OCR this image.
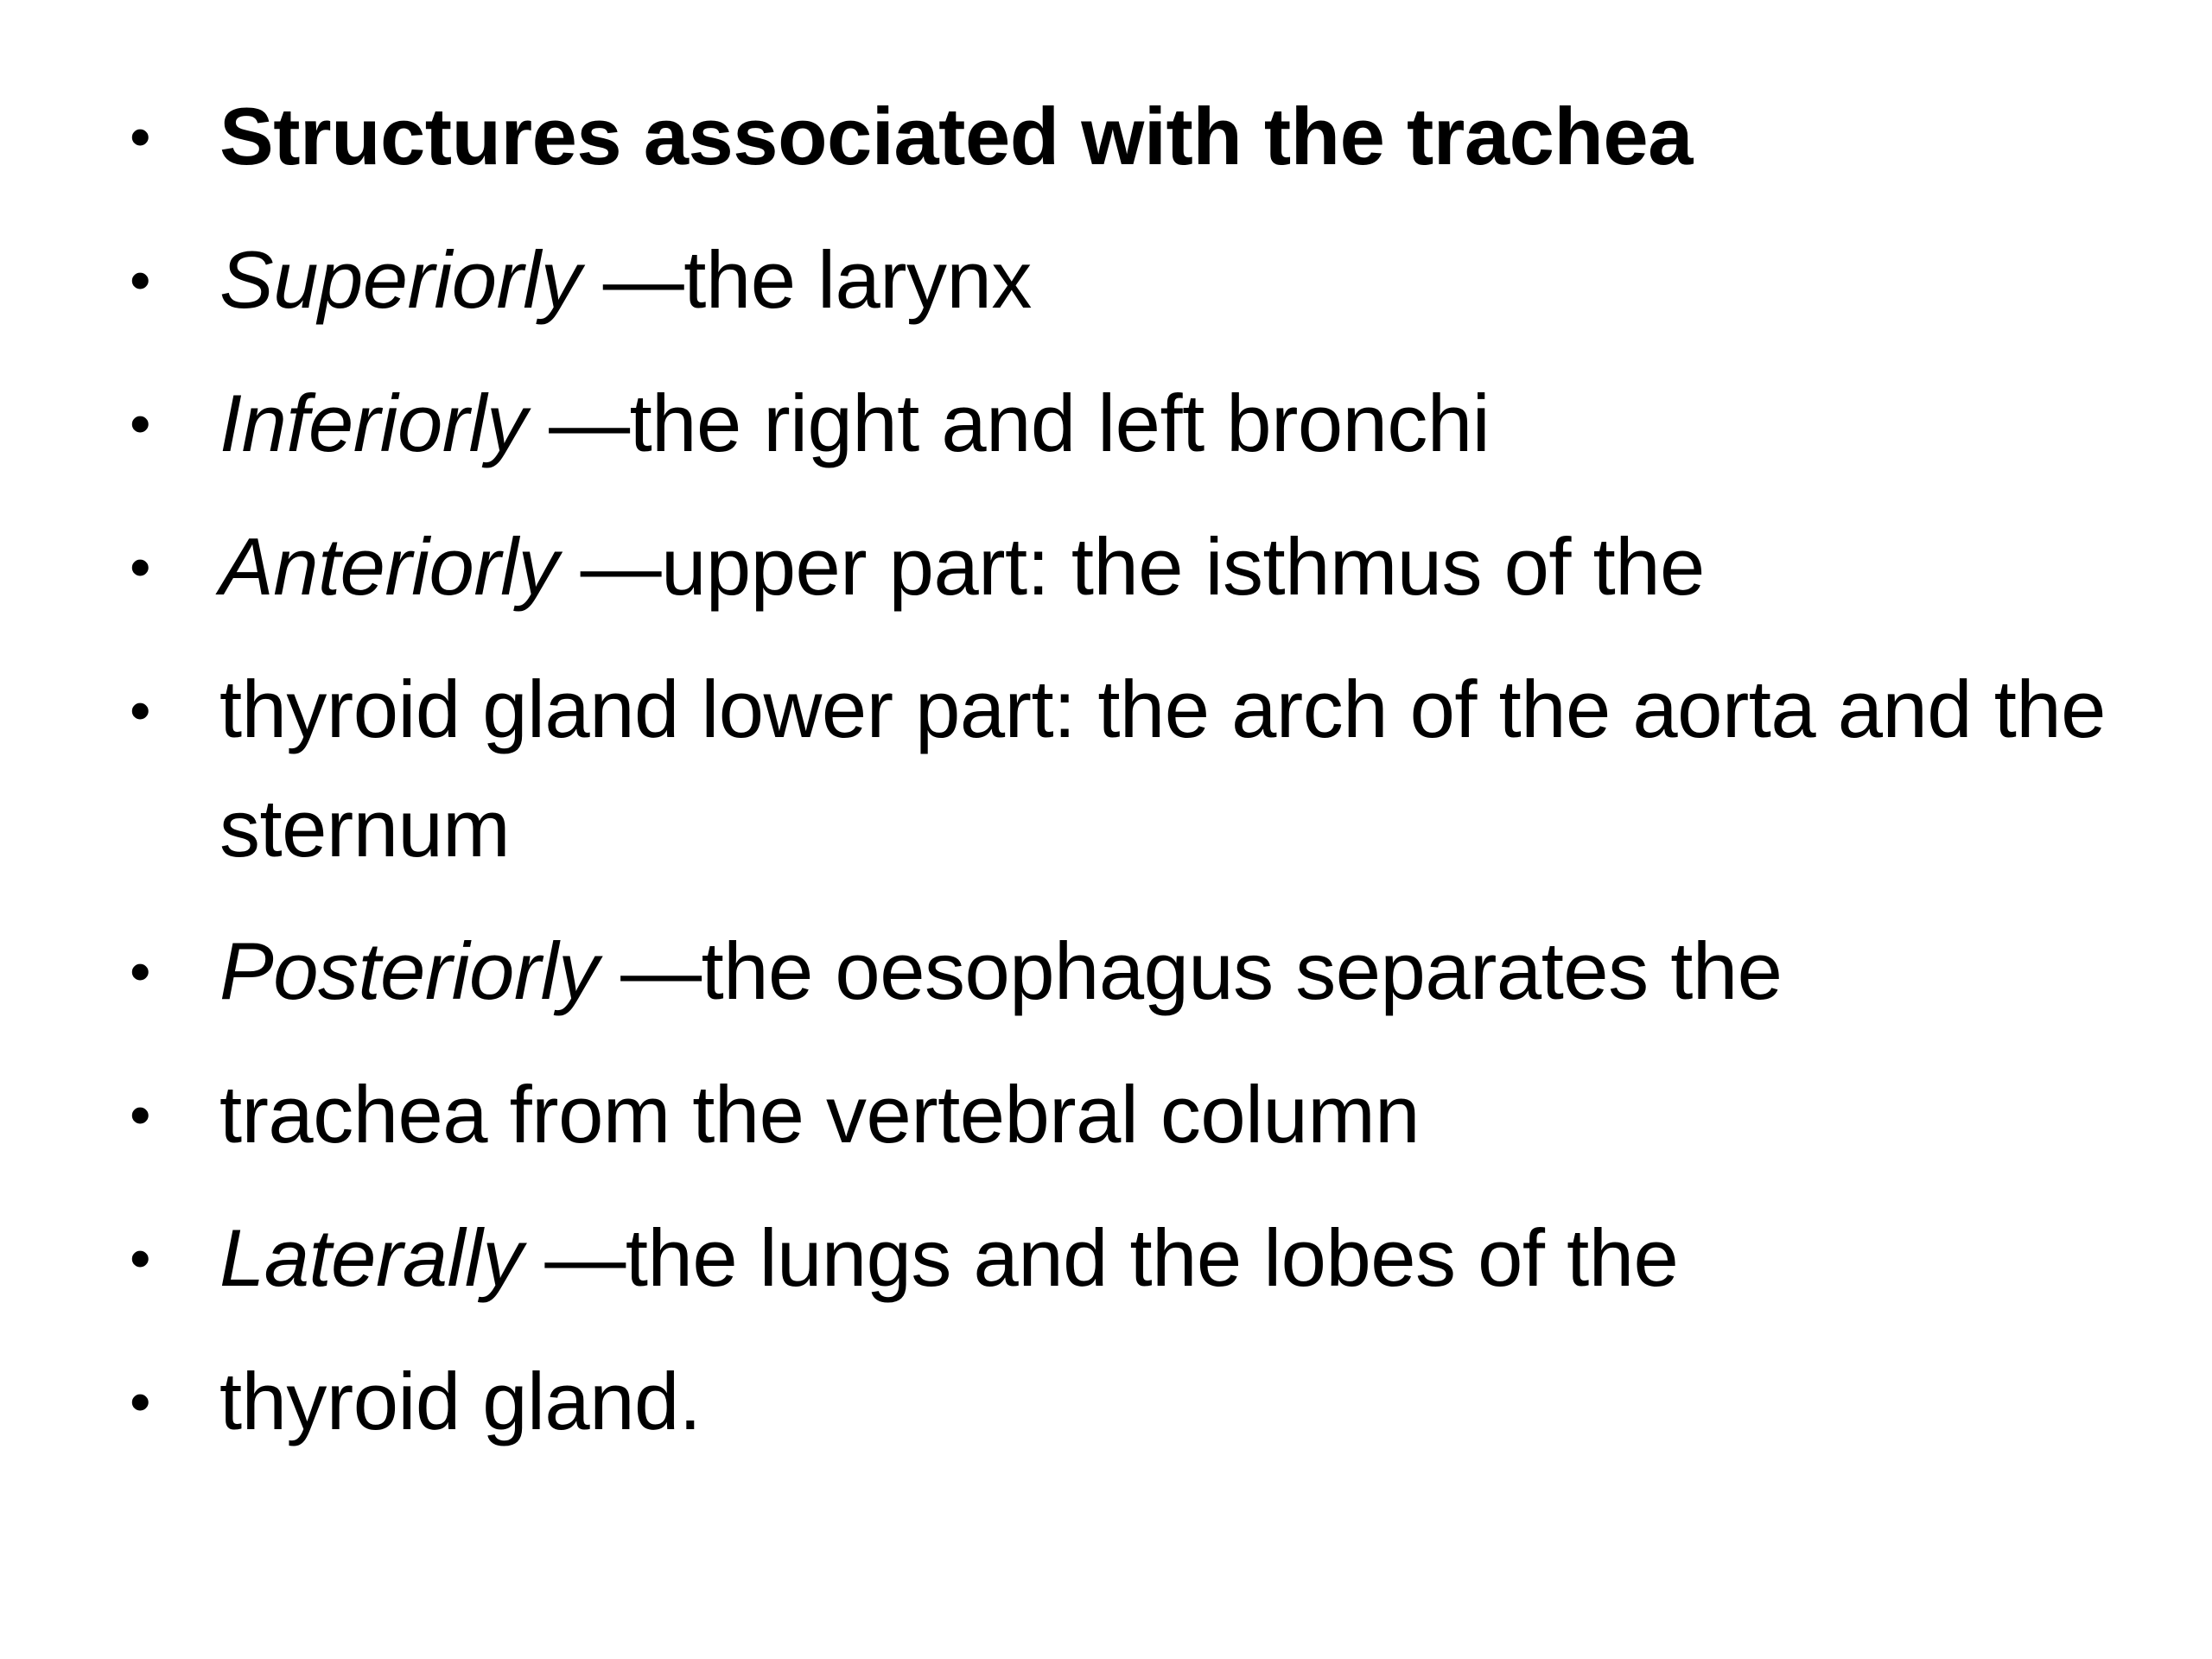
• Structures associated with the trachea
• Superiorly —the larynx
• Inferiorly —the right and left bronchi
• Anteriorly —upper part: the isthmus of the
• thyroid gland lower part: the arch of the aorta and the sternum
• Posteriorly —the oesophagus separates the
• trachea from the vertebral column
• Laterally —the lungs and the lobes of the
• thyroid gland.
